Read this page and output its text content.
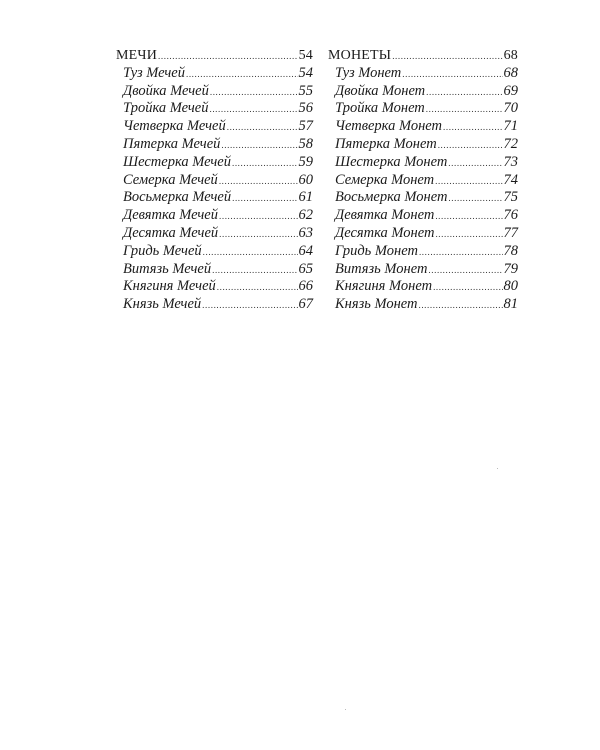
МЕЧИ .....	54
Туз Мечей .....	54
Двойка Мечей .....	55
Тройка Мечей .....	56
Четверка Мечей .....	57
Пятерка Мечей .....	58
Шестерка Мечей .....	59
Семерка Мечей .....	60
Восьмерка Мечей .....	61
Девятка Мечей .....	62
Десятка Мечей .....	63
Гридь Мечей .....	64
Витязь Мечей .....	65
Княгиня Мечей .....	66
Князь Мечей .....	67
МОНЕТЫ .....	68
Туз Монет .....	68
Двойка Монет .....	69
Тройка Монет .....	70
Четверка Монет .....	71
Пятерка Монет .....	72
Шестерка Монет .....	73
Семерка Монет .....	74
Восьмерка Монет .....	75
Девятка Монет .....	76
Десятка Монет .....	77
Гридь Монет .....	78
Витязь Монет .....	79
Княгиня Монет .....	80
Князь Монет .....	81
